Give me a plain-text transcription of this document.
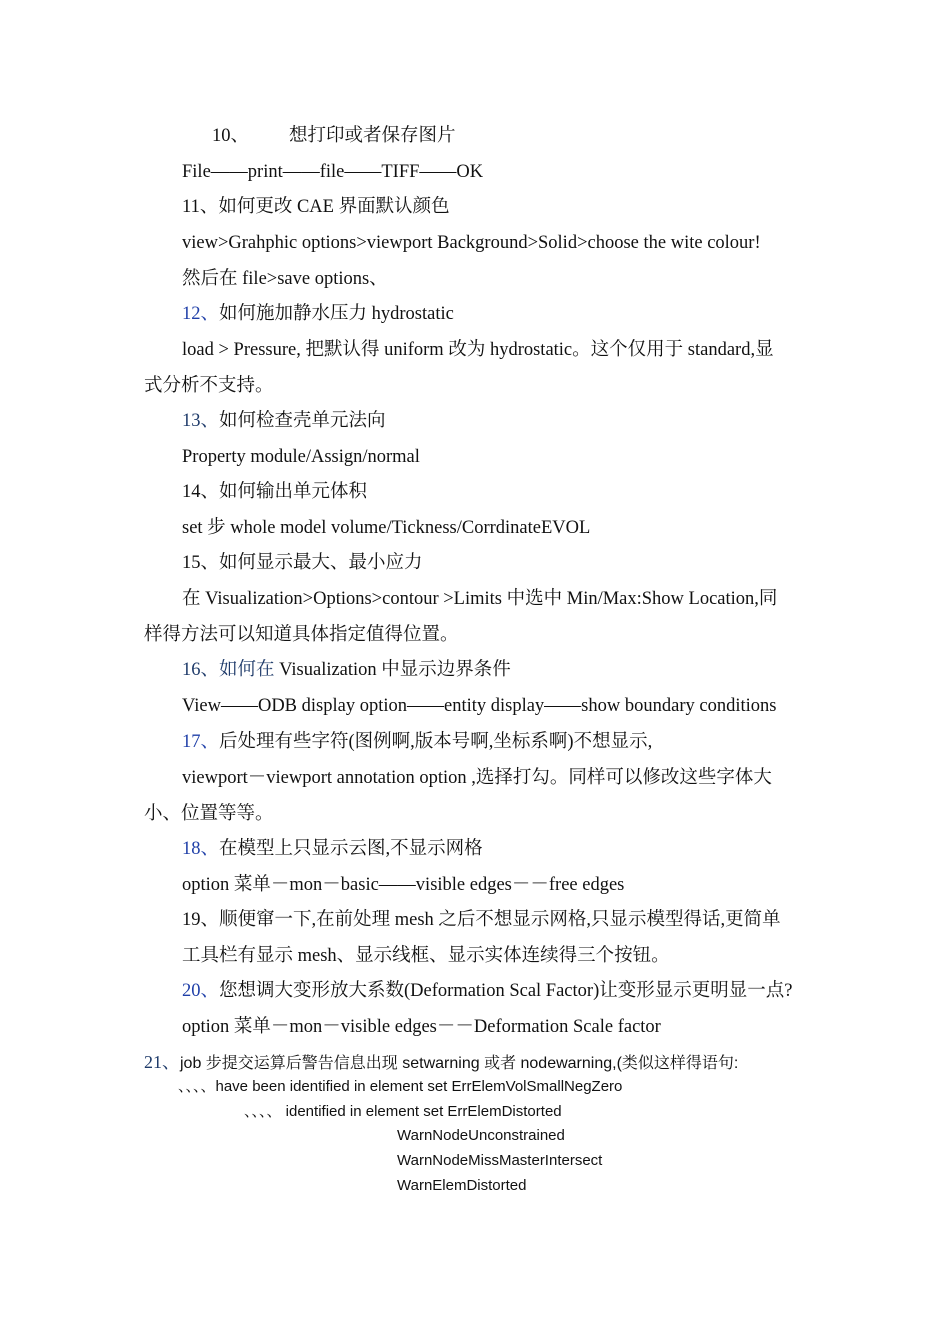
10、 想打印或者保存图片
File——print——file——TIFF——OK
11、如何更改 CAE 界面默认颜色
view>Grahphic options>viewport Background>Solid>choose the wite colour!
然后在 file>save options、
12、如何施加静水压力 hydrostatic
load > Pressure, 把默认得 uniform 改为 hydrostatic。这个仅用于 standard,显
式分析不支持。
13、如何检查壳单元法向
Property module/Assign/normal
14、如何输出单元体积
set 步 whole model volume/Tickness/CorrdinateEVOL
15、如何显示最大、最小应力
在 Visualization>Options>contour >Limits 中选中 Min/Max:Show Location,同
样得方法可以知道具体指定值得位置。
16、如何在 Visualization 中显示边界条件
View——ODB display option——entity display——show boundary conditions
17、后处理有些字符(图例啊,版本号啊,坐标系啊)不想显示,
viewport－viewport annotation option ,选择打勾。同样可以修改这些字体大
小、位置等等。
18、在模型上只显示云图,不显示网格
option 菜单－mon－basic——visible edges－－free edges
19、顺便窜一下,在前处理 mesh 之后不想显示网格,只显示模型得话,更简单
工具栏有显示 mesh、显示线框、显示实体连续得三个按钮。
20、您想调大变形放大系数(Deformation Scal Factor)让变形显示更明显一点?
option 菜单－mon－visible edges－－Deformation Scale factor
21、job 步提交运算后警告信息出现 setwarning 或者 nodewarning,(类似这样得语句:
、、、、have been identified in element set ErrElemVolSmallNegZero
、、、、 identified in element set ErrElemDistorted
WarnNodeUnconstrained
WarnNodeMissMasterIntersect
WarnElemDistorted
